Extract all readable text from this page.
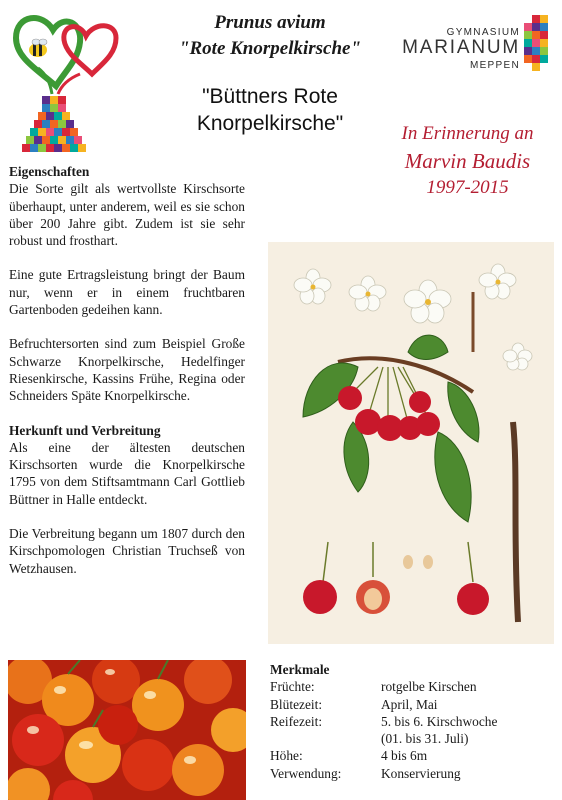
Prunus avium
"Rote Knorpelkirsche"
"Büttners Rote
Knorpelkirsche"
GYMNASIUM
MARIANUM
MEPPEN
In Erinnerung an
Marvin Baudis
1997-2015
Eigenschaften

Die Sorte gilt als wertvollste Kirschsorte überhaupt, unter anderem, weil es sie schon über 200 Jahre gibt. Zudem ist sie sehr robust und frosthart.

Eine gute Ertragsleistung bringt der Baum nur, wenn er in einem fruchtbaren Gartenboden gedeihen kann.

Befruchtersorten sind zum Beispiel Große Schwarze Knorpelkirsche, Hedelfinger Riesenkirsche, Kassins Frühe, Regina oder Schneiders Späte Knorpelkirsche.

Herkunft und Verbreitung

Als eine der ältesten deutschen Kirschsorten wurde die Knorpelkirsche 1795 von dem Stiftsamtmann Carl Gottlieb Büttner in Halle entdeckt.

Die Verbreitung begann um 1807 durch den Kirschpomologen Christian Truchseß von Wetzhausen.

Merkmale
Früchte:	rotgelbe Kirschen
Blütezeit:	April, Mai
Reifezeit:	5. bis 6. Kirschwoche
(01. bis 31. Juli)
Höhe:	4 bis 6m
Verwendung:	Konservierung
